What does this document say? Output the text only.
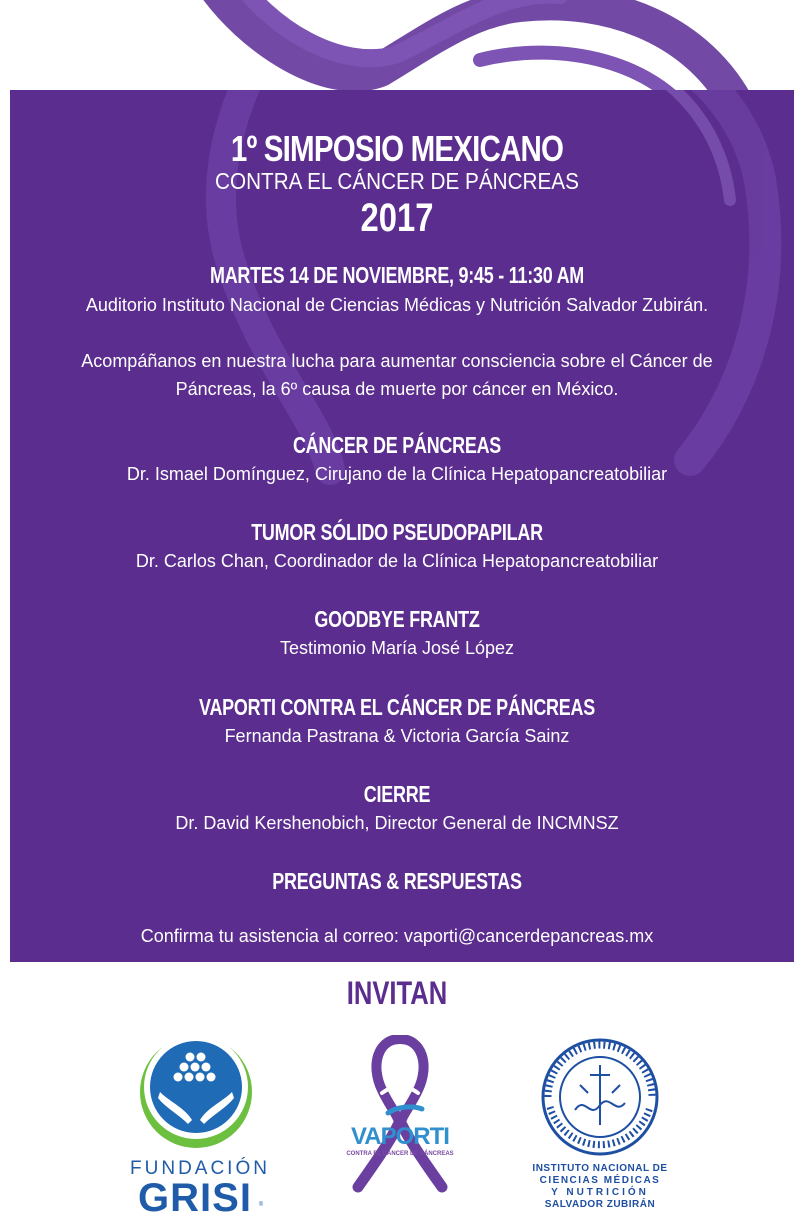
1º SIMPOSIO MEXICANO
CONTRA EL CÁNCER DE PÁNCREAS
2017
MARTES 14 DE NOVIEMBRE, 9:45 - 11:30 AM
Auditorio Instituto Nacional de Ciencias Médicas y Nutrición Salvador Zubirán.
Acompáñanos en nuestra lucha para aumentar consciencia sobre el Cáncer de
Páncreas, la 6º causa de muerte por cáncer en México.
CÁNCER DE PÁNCREAS
Dr. Ismael Domínguez, Cirujano de la Clínica Hepatopancreatobiliar
TUMOR SÓLIDO PSEUDOPAPILAR
Dr. Carlos Chan, Coordinador de la Clínica Hepatopancreatobiliar
GOODBYE FRANTZ
Testimonio María José López
VAPORTI CONTRA EL CÁNCER DE PÁNCREAS
Fernanda Pastrana & Victoria García Sainz
CIERRE
Dr. David Kershenobich, Director General de INCMNSZ
PREGUNTAS & RESPUESTAS
Confirma tu asistencia al correo: vaporti@cancerdepancreas.mx
INVITAN
FUNDACIÓN
GRISI	®
VAPORTI
CONTRA EL CÁNCER DE PÁNCREAS
INSTITUTO NACIONAL DE
CIENCIAS MÉDICAS
Y NUTRICIÓN
SALVADOR ZUBIRÁN
